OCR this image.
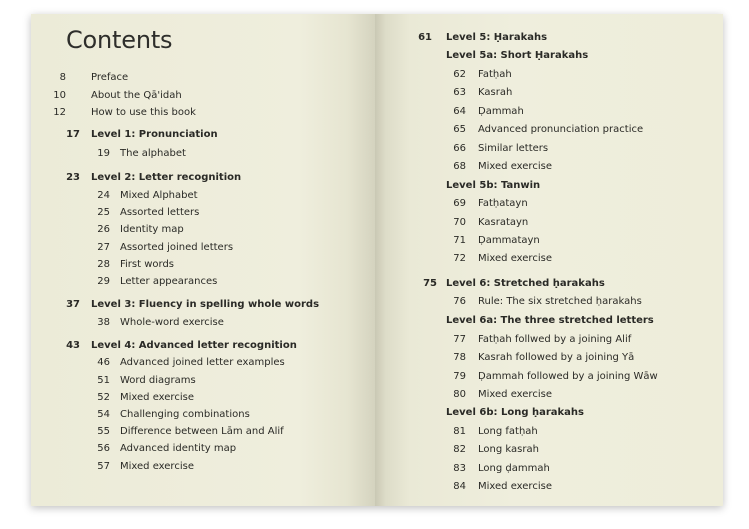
Contents
8	Preface
10	About the Qā'idah
12	How to use this book
17 Level 1: Pronunciation
19 The alphabet
23 Level 2: Letter recognition
24 Mixed Alphabet
25 Assorted letters
26 Identity map
27 Assorted joined letters
28 First words
29 Letter appearances
37 Level 3: Fluency in spelling whole words
38 Whole-word exercise
43 Level 4: Advanced letter recognition
46 Advanced joined letter examples
51 Word diagrams
52 Mixed exercise
54 Challenging combinations
55 Difference between Lām and Alif
56 Advanced identity map
57 Mixed exercise
61 Level 5: Ḥarakahs
Level 5a: Short Ḥarakahs
62 Fatḥah
63 Kasrah
64 Ḍammah
65 Advanced pronunciation practice
66 Similar letters
68 Mixed exercise
Level 5b: Tanwin
69 Fatḥatayn
70 Kasratayn
71 Ḍammatayn
72 Mixed exercise
75 Level 6: Stretched ḥarakahs
76 Rule: The six stretched ḥarakahs
Level 6a: The three stretched letters
77 Fatḥah follwed by a joining Alif
78 Kasrah followed by a joining Yā
79 Ḍammah followed by a joining Wāw
80 Mixed exercise
Level 6b: Long ḥarakahs
81 Long fatḥah
82 Long kasrah
83 Long ḍammah
84 Mixed exercise
